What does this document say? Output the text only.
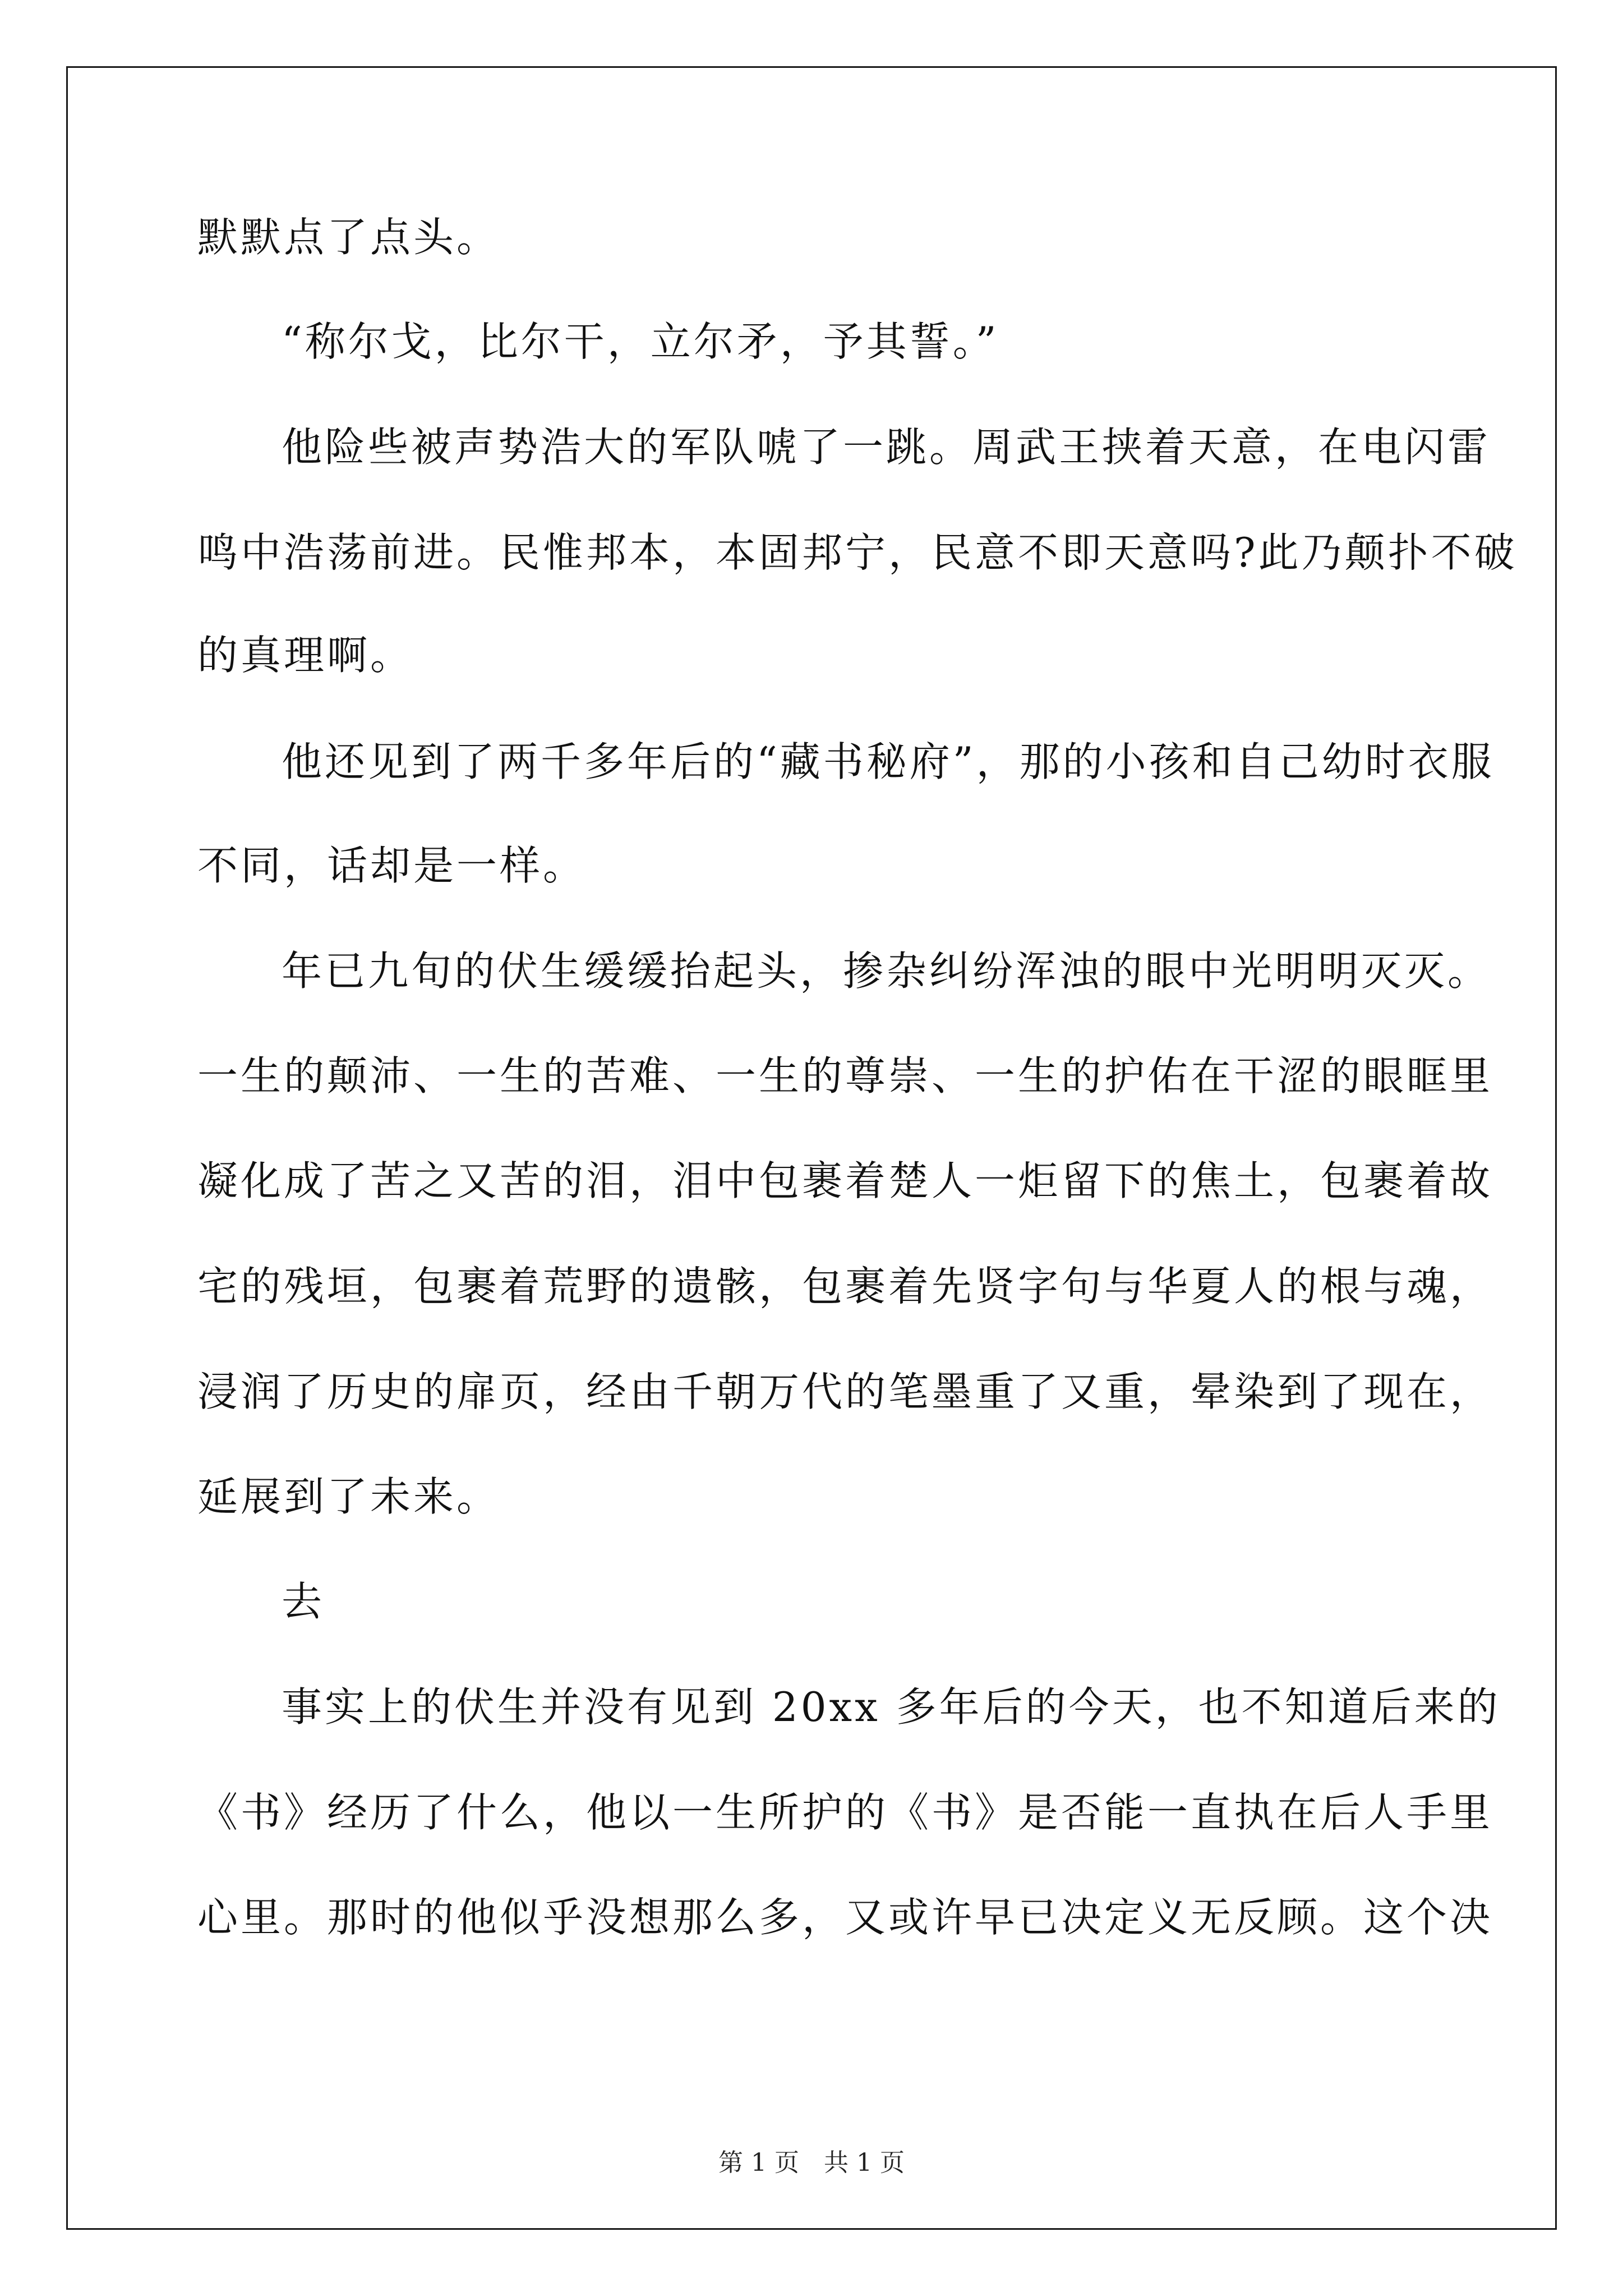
默默点了点头。
“称尔戈，比尔干，立尔矛，予其誓。”
他险些被声势浩大的军队唬了一跳。周武王挟着天意，在电闪雷
鸣中浩荡前进。民惟邦本，本固邦宁，民意不即天意吗?此乃颠扑不破
的真理啊。
他还见到了两千多年后的“藏书秘府”，那的小孩和自己幼时衣服
不同，话却是一样。
年已九旬的伏生缓缓抬起头，掺杂纠纷浑浊的眼中光明明灭灭。
一生的颠沛、一生的苦难、一生的尊崇、一生的护佑在干涩的眼眶里
凝化成了苦之又苦的泪，泪中包裹着楚人一炬留下的焦土，包裹着故
宅的残垣，包裹着荒野的遗骸，包裹着先贤字句与华夏人的根与魂，
浸润了历史的扉页，经由千朝万代的笔墨重了又重，晕染到了现在，
延展到了未来。
去
事实上的伏生并没有见到 20xx 多年后的今天，也不知道后来的
《书》经历了什么，他以一生所护的《书》是否能一直执在后人手里
心里。那时的他似乎没想那么多，又或许早已决定义无反顾。这个决
第 1 页　共 1 页
